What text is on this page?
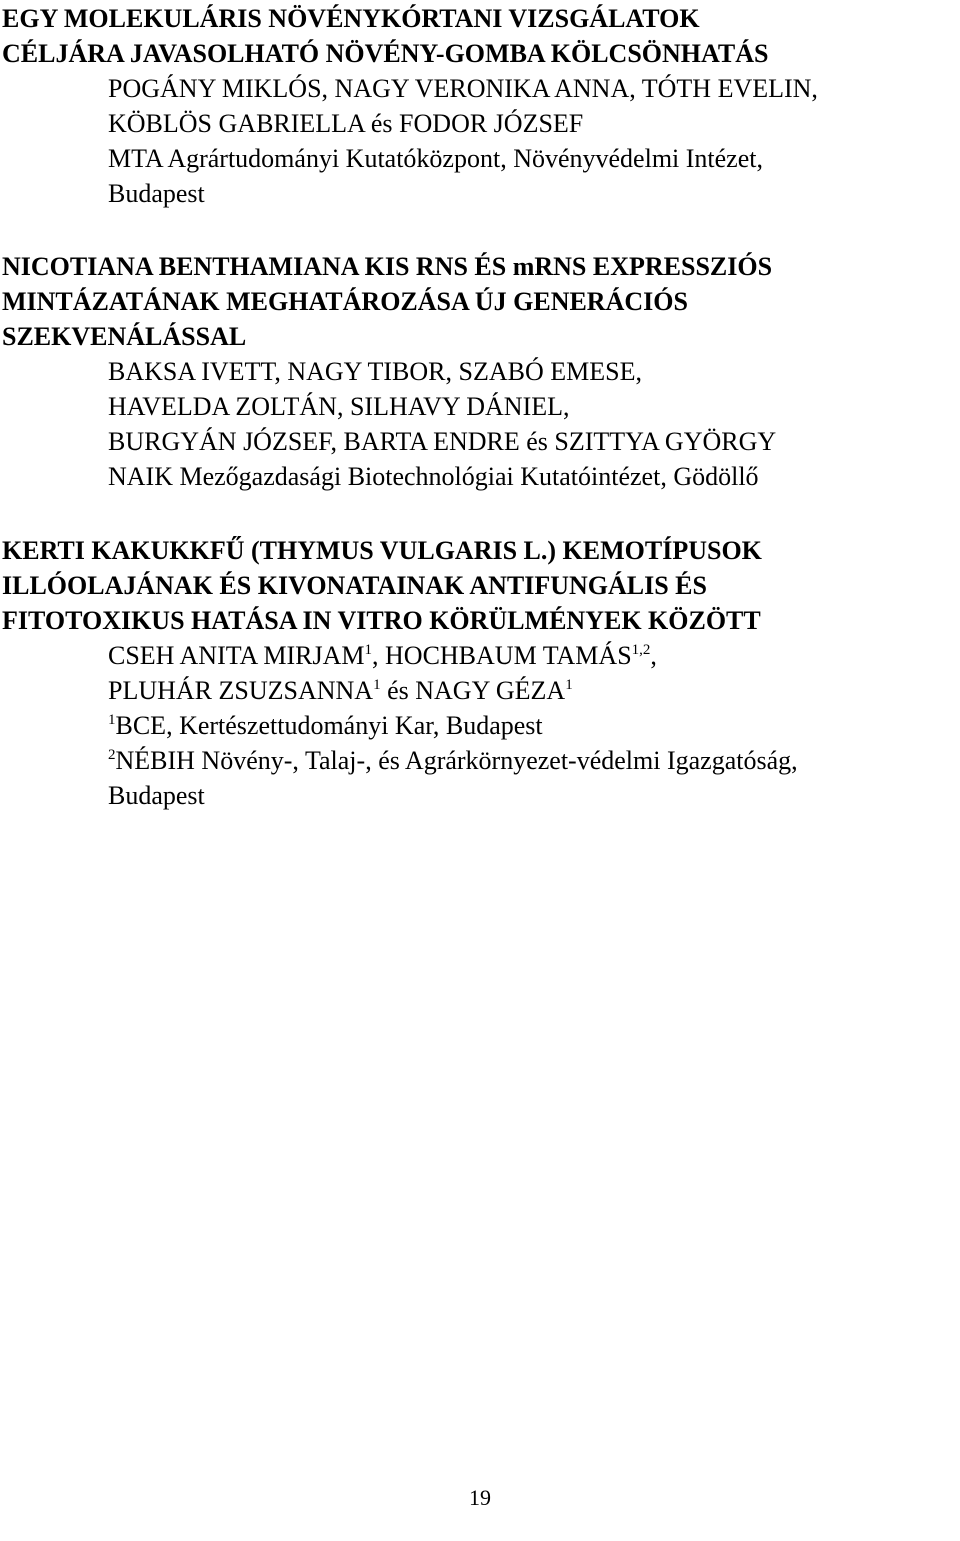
EGY MOLEKULÁRIS NÖVÉNYKÓRTANI VIZSGÁLATOK
CÉLJÁRA JAVASOLHATÓ NÖVÉNY-GOMBA KÖLCSÖNHATÁS
POGÁNY MIKLÓS, NAGY VERONIKA ANNA, TÓTH EVELIN,
KÖBLÖS GABRIELLA és FODOR JÓZSEF
MTA Agrártudományi Kutatóközpont, Növényvédelmi Intézet,
Budapest
NICOTIANA BENTHAMIANA KIS RNS ÉS mRNS EXPRESSZIÓS
MINTÁZATÁNAK MEGHATÁROZÁSA ÚJ GENERÁCIÓS
SZEKVENÁLÁSSAL
BAKSA IVETT, NAGY TIBOR, SZABÓ EMESE,
HAVELDA ZOLTÁN, SILHAVY DÁNIEL,
BURGYÁN JÓZSEF, BARTA ENDRE és SZITTYA GYÖRGY
NAIK Mezőgazdasági Biotechnológiai Kutatóintézet, Gödöllő
KERTI KAKUKKFŰ (THYMUS VULGARIS L.) KEMOTÍPUSOK
ILLÓOLAJÁNAK ÉS KIVONATAINAK ANTIFUNGÁLIS ÉS
FITOTOXIKUS HATÁSA IN VITRO KÖRÜLMÉNYEK KÖZÖTT
CSEH ANITA MIRJAM$^1$, HOCHBAUM TAMÁS$^{1,2}$,
PLUHÁR ZSUZSANNA$^1$ és NAGY GÉZA$^1$
$^1$BCE, Kertészettudományi Kar, Budapest
$^2$NÉBIH Növény-, Talaj-, és Agrárkörnyezet-védelmi Igazgatóság,
Budapest
19
